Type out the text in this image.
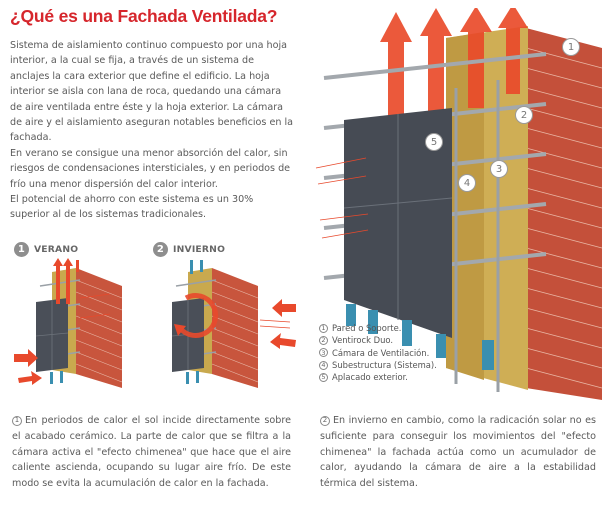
¿Qué es una Fachada Ventilada?

Sistema de aislamiento continuo compuesto por una hoja interior, a la cual se fija, a través de un sistema de anclajes la cara exterior que define el edificio. La hoja interior se aisla con lana de roca, quedando una cámara de aire ventilada entre éste y la hoja exterior. La cámara de aire y el aislamiento aseguran notables beneficios en la fachada.

En verano se consigue una menor absorción del calor, sin riesgos de condensaciones intersticiales, y en periodos de frío una menor dispersión del calor interior.

El potencial de ahorro con este sistema es un 30% superior al de los sistemas tradicionales.

1 VERANO	2 INVIERNO
1
2
3
4
5
1 Pared o Soporte.
2 Ventirock Duo.
3 Cámara de Ventilación.
4 Subestructura (Sistema).
5 Aplacado exterior.

1 En periodos de calor el sol incide directamente sobre el acabado cerámico. La parte de calor que se filtra a la cámara activa el "efecto chimenea" que hace que el aire caliente ascienda, ocupando su lugar aire frío. De este modo se evita la acumulación de calor en la fachada.

2 En invierno en cambio, como la radicación solar no es suficiente para conseguir los movimientos del "efecto chimenea" la fachada actúa como un acumulador de calor, ayudando la cámara de aire a la estabilidad térmica del sistema.
